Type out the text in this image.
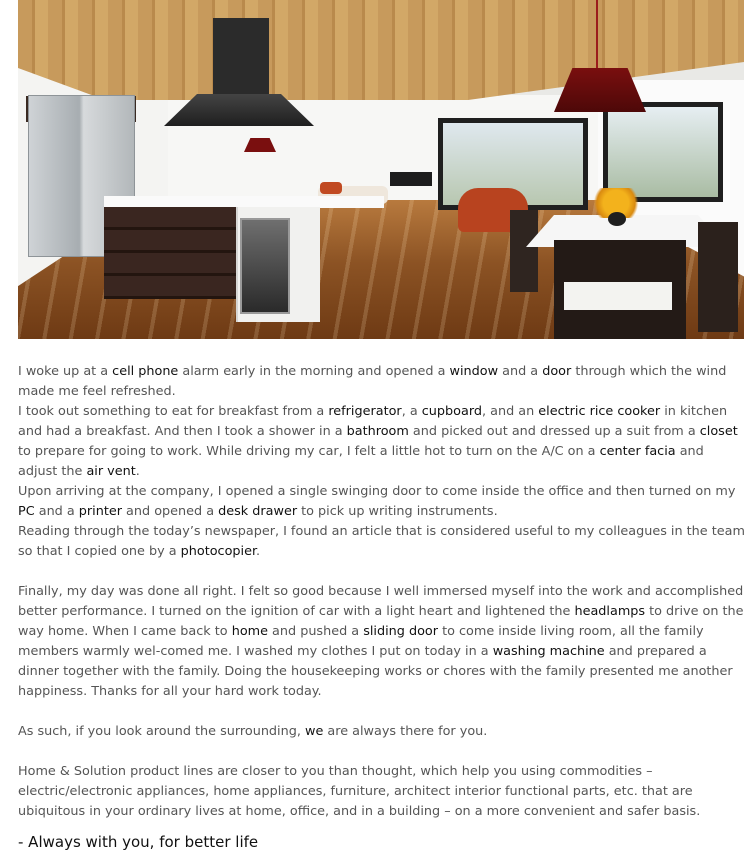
I woke up at a cell phone alarm early in the morning and opened a window and a door through which the wind made me feel refreshed.

I took out something to eat for breakfast from a refrigerator, a cupboard, and an electric rice cooker in kitchen and had a breakfast. And then I took a shower in a bathroom and picked out and dressed up a suit from a closet to prepare for going to work. While driving my car, I felt a little hot to turn on the A/C on a center facia and adjust the air vent.

Upon arriving at the company, I opened a single swinging door to come inside the office and then turned on my PC and a printer and opened a desk drawer to pick up writing instruments.

Reading through the today’s newspaper, I found an article that is considered useful to my colleagues in the team so that I copied one by a photocopier.

Finally, my day was done all right. I felt so good because I well immersed myself into the work and accomplished better performance. I turned on the ignition of car with a light heart and lightened the headlamps to drive on the way home. When I came back to home and pushed a sliding door to come inside living room, all the family members warmly wel-comed me. I washed my clothes I put on today in a washing machine and prepared a dinner together with the family. Doing the housekeeping works or chores with the family presented me another happiness. Thanks for all your hard work today.

As such, if you look around the surrounding, we are always there for you.

Home & Solution product lines are closer to you than thought, which help you using commodities – electric/electronic appliances, home appliances, furniture, architect interior functional parts, etc. that are ubiquitous in your ordinary lives at home, office, and in a building – on a more convenient and safer basis.

- Always with you, for better life
